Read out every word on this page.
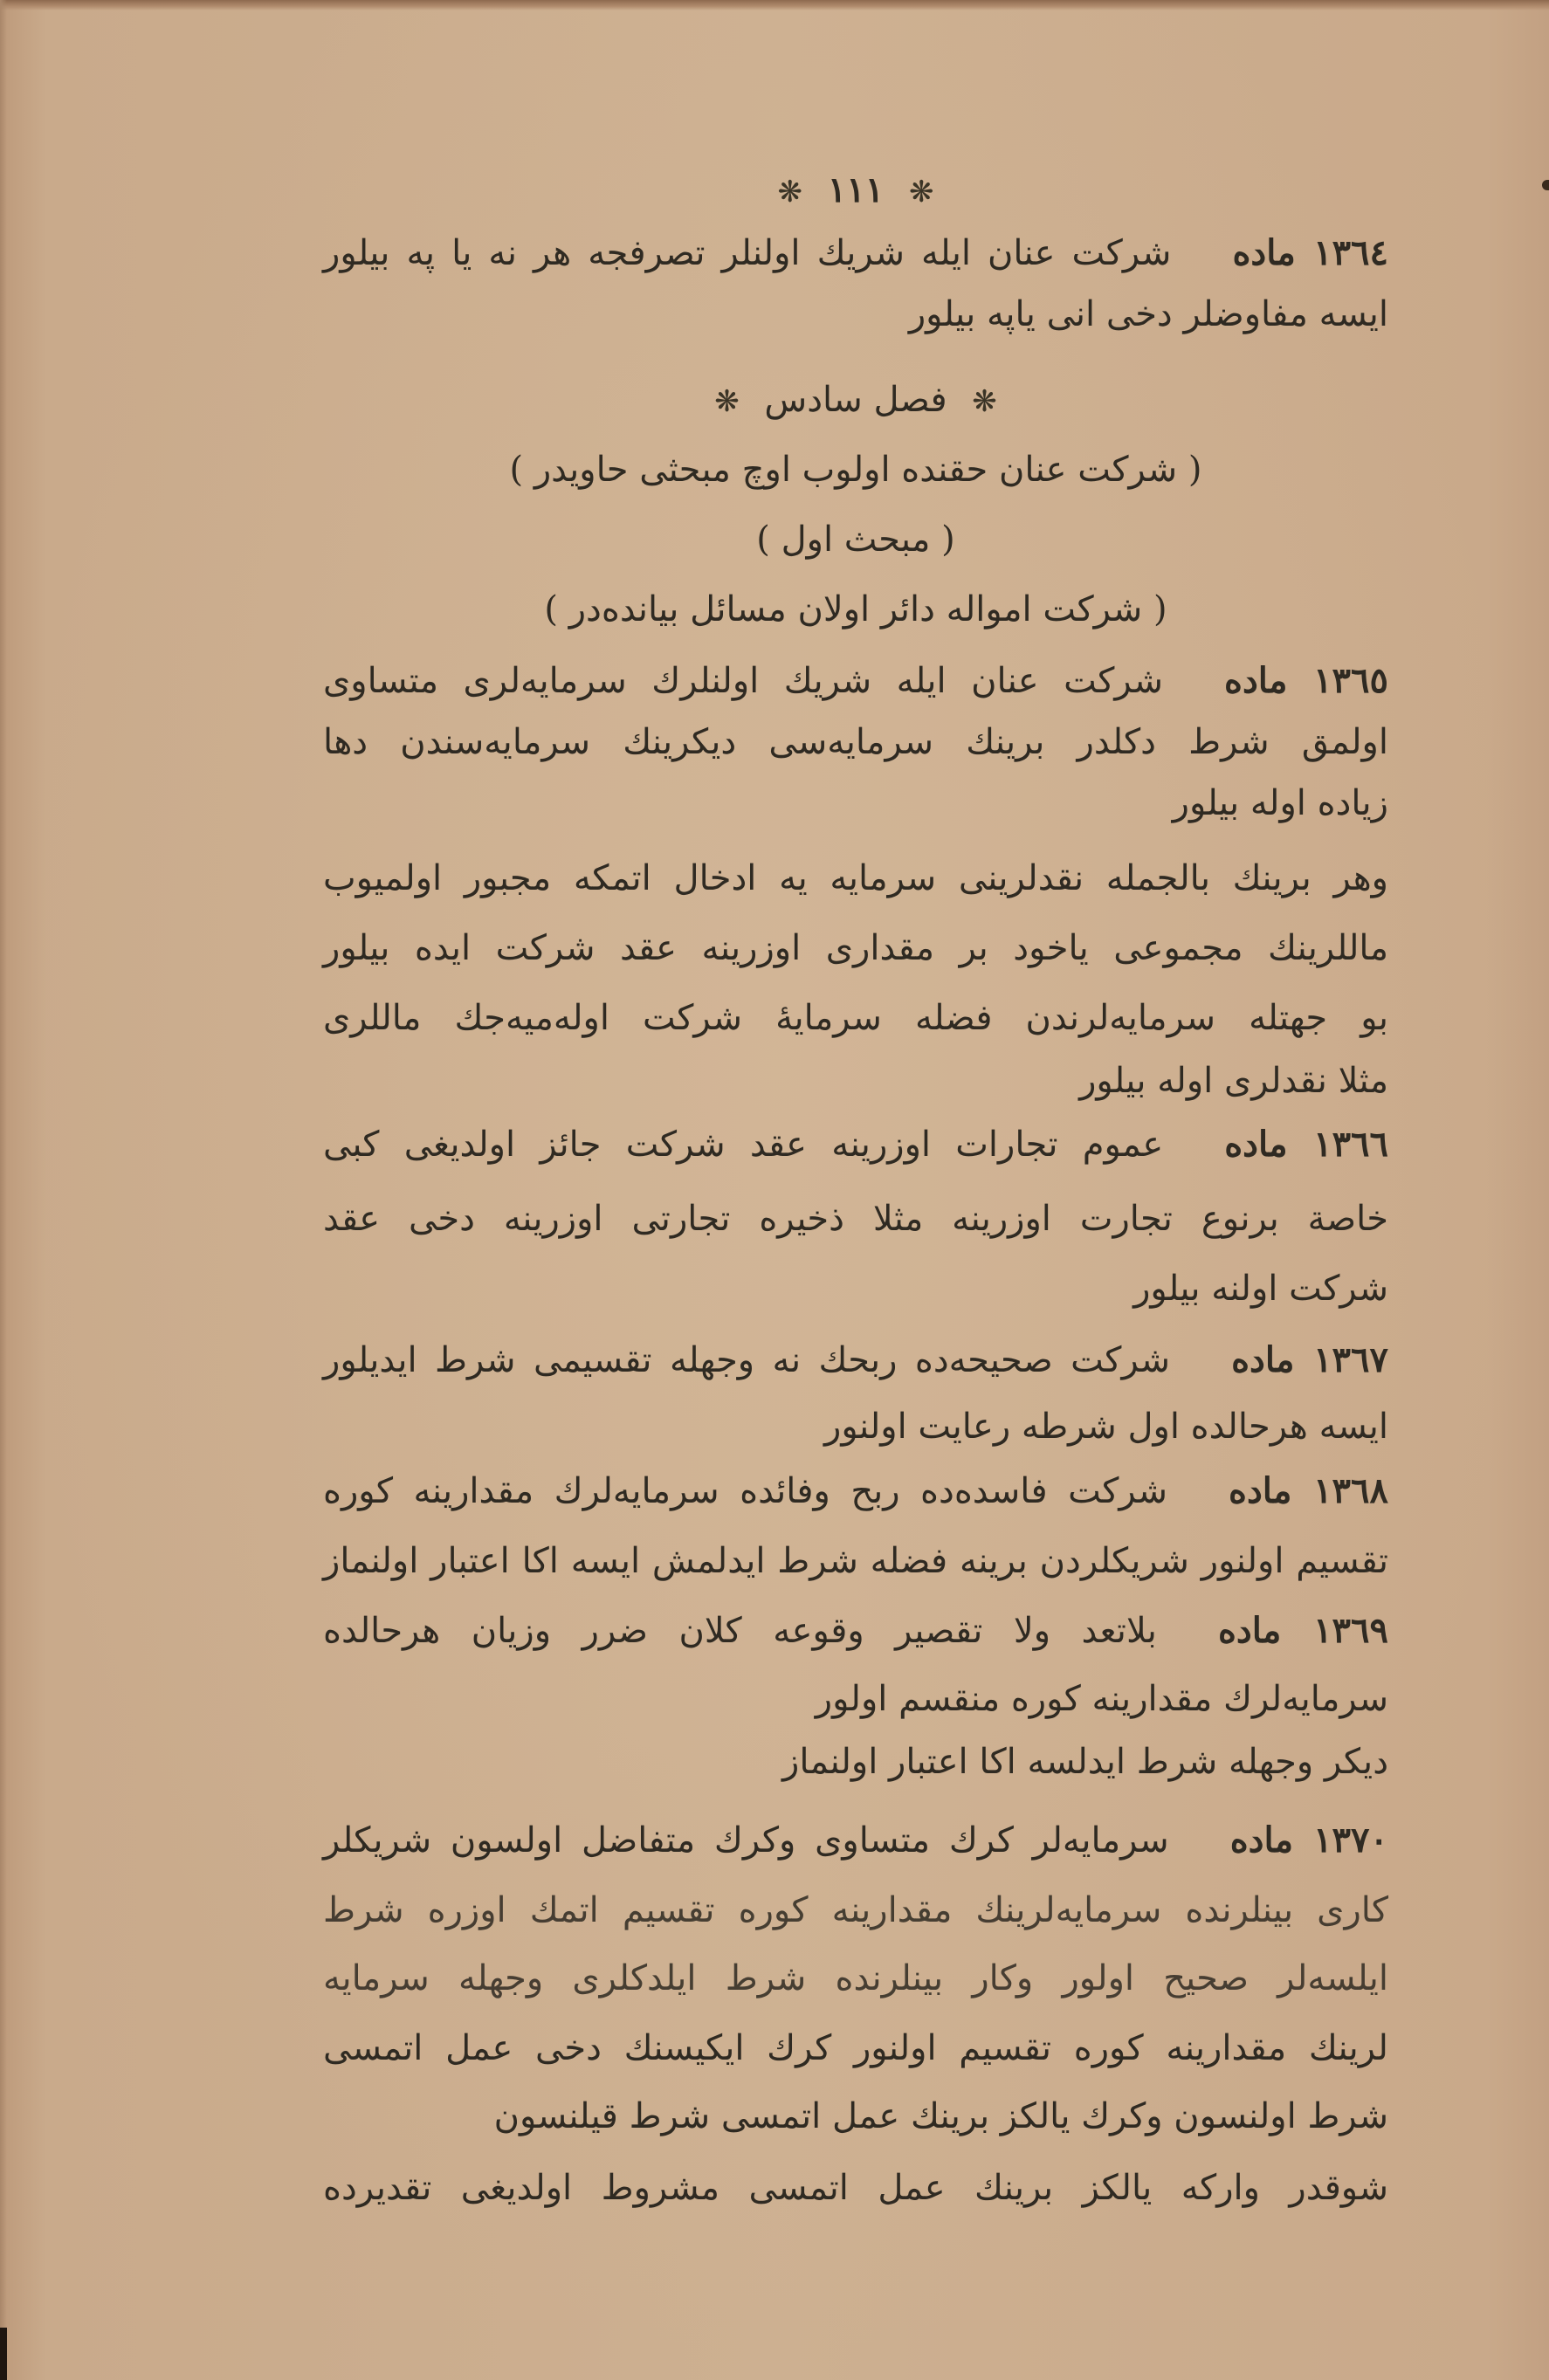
❋ ١١١ ❋
١٣٦٤ مادهشركت عنان ايله شريك اولنلر تصرفجه هر نه يا په بيلور
ايسه مفاوضلر دخى انى ياپه بيلور
❋ فصل سادس ❋
( شركت عنان حقنده اولوب اوچ مبحثى حاويدر )
( مبحث اول )
( شركت امواله دائر اولان مسائل بيانده‌در )
١٣٦٥ مادهشركت عنان ايله شريك اولنلرك سرمايه‌لرى متساوى
اولمق شرط دكلدر برينك سرمايه‌سى ديكرينك سرمايه‌سندن دها
زياده اوله بيلور
وهر برينك بالجمله نقدلرينى سرمايه يه ادخال اتمكه مجبور اولميوب
ماللرينك مجموعى ياخود بر مقدارى اوزرينه عقد شركت ايده بيلور
بو جهتله سرمايه‌لرندن فضله سرمايهٔ شركت اوله‌ميه‌جك ماللرى
مثلا نقدلرى اوله بيلور
١٣٦٦ مادهعموم تجارات اوزرينه عقد شركت جائز اولديغى كبى
خاصة برنوع تجارت اوزرينه مثلا ذخيره تجارتى اوزرينه دخى عقد
شركت اولنه بيلور
١٣٦٧ مادهشركت صحيحه‌ده ربحك نه وجهله تقسيمى شرط ايديلور
ايسه هرحالده اول شرطه رعايت اولنور
١٣٦٨ مادهشركت فاسده‌ده ربح وفائده سرمايه‌لرك مقدارينه كوره
تقسيم اولنور شريكلردن برينه فضله شرط ايدلمش ايسه اكا اعتبار اولنماز
١٣٦٩ مادهبلاتعد ولا تقصير وقوعه كلان ضرر وزيان هرحالده
سرمايه‌لرك مقدارينه كوره منقسم اولور
ديكر وجهله شرط ايدلسه اكا اعتبار اولنماز
١٣٧٠ مادهسرمايه‌لر كرك متساوى وكرك متفاضل اولسون شريكلر
كارى بينلرنده سرمايه‌لرينك مقدارينه كوره تقسيم اتمك اوزره شرط
ايلسه‌لر صحيح اولور وكار بينلرنده شرط ايلدكلرى وجهله سرمايه
لرينك مقدارينه كوره تقسيم اولنور كرك ايكيسنك دخى عمل اتمسى
شرط اولنسون وكرك يالكز برينك عمل اتمسى شرط قيلنسون
شوقدر واركه يالكز برينك عمل اتمسى مشروط اولديغى تقديرده
